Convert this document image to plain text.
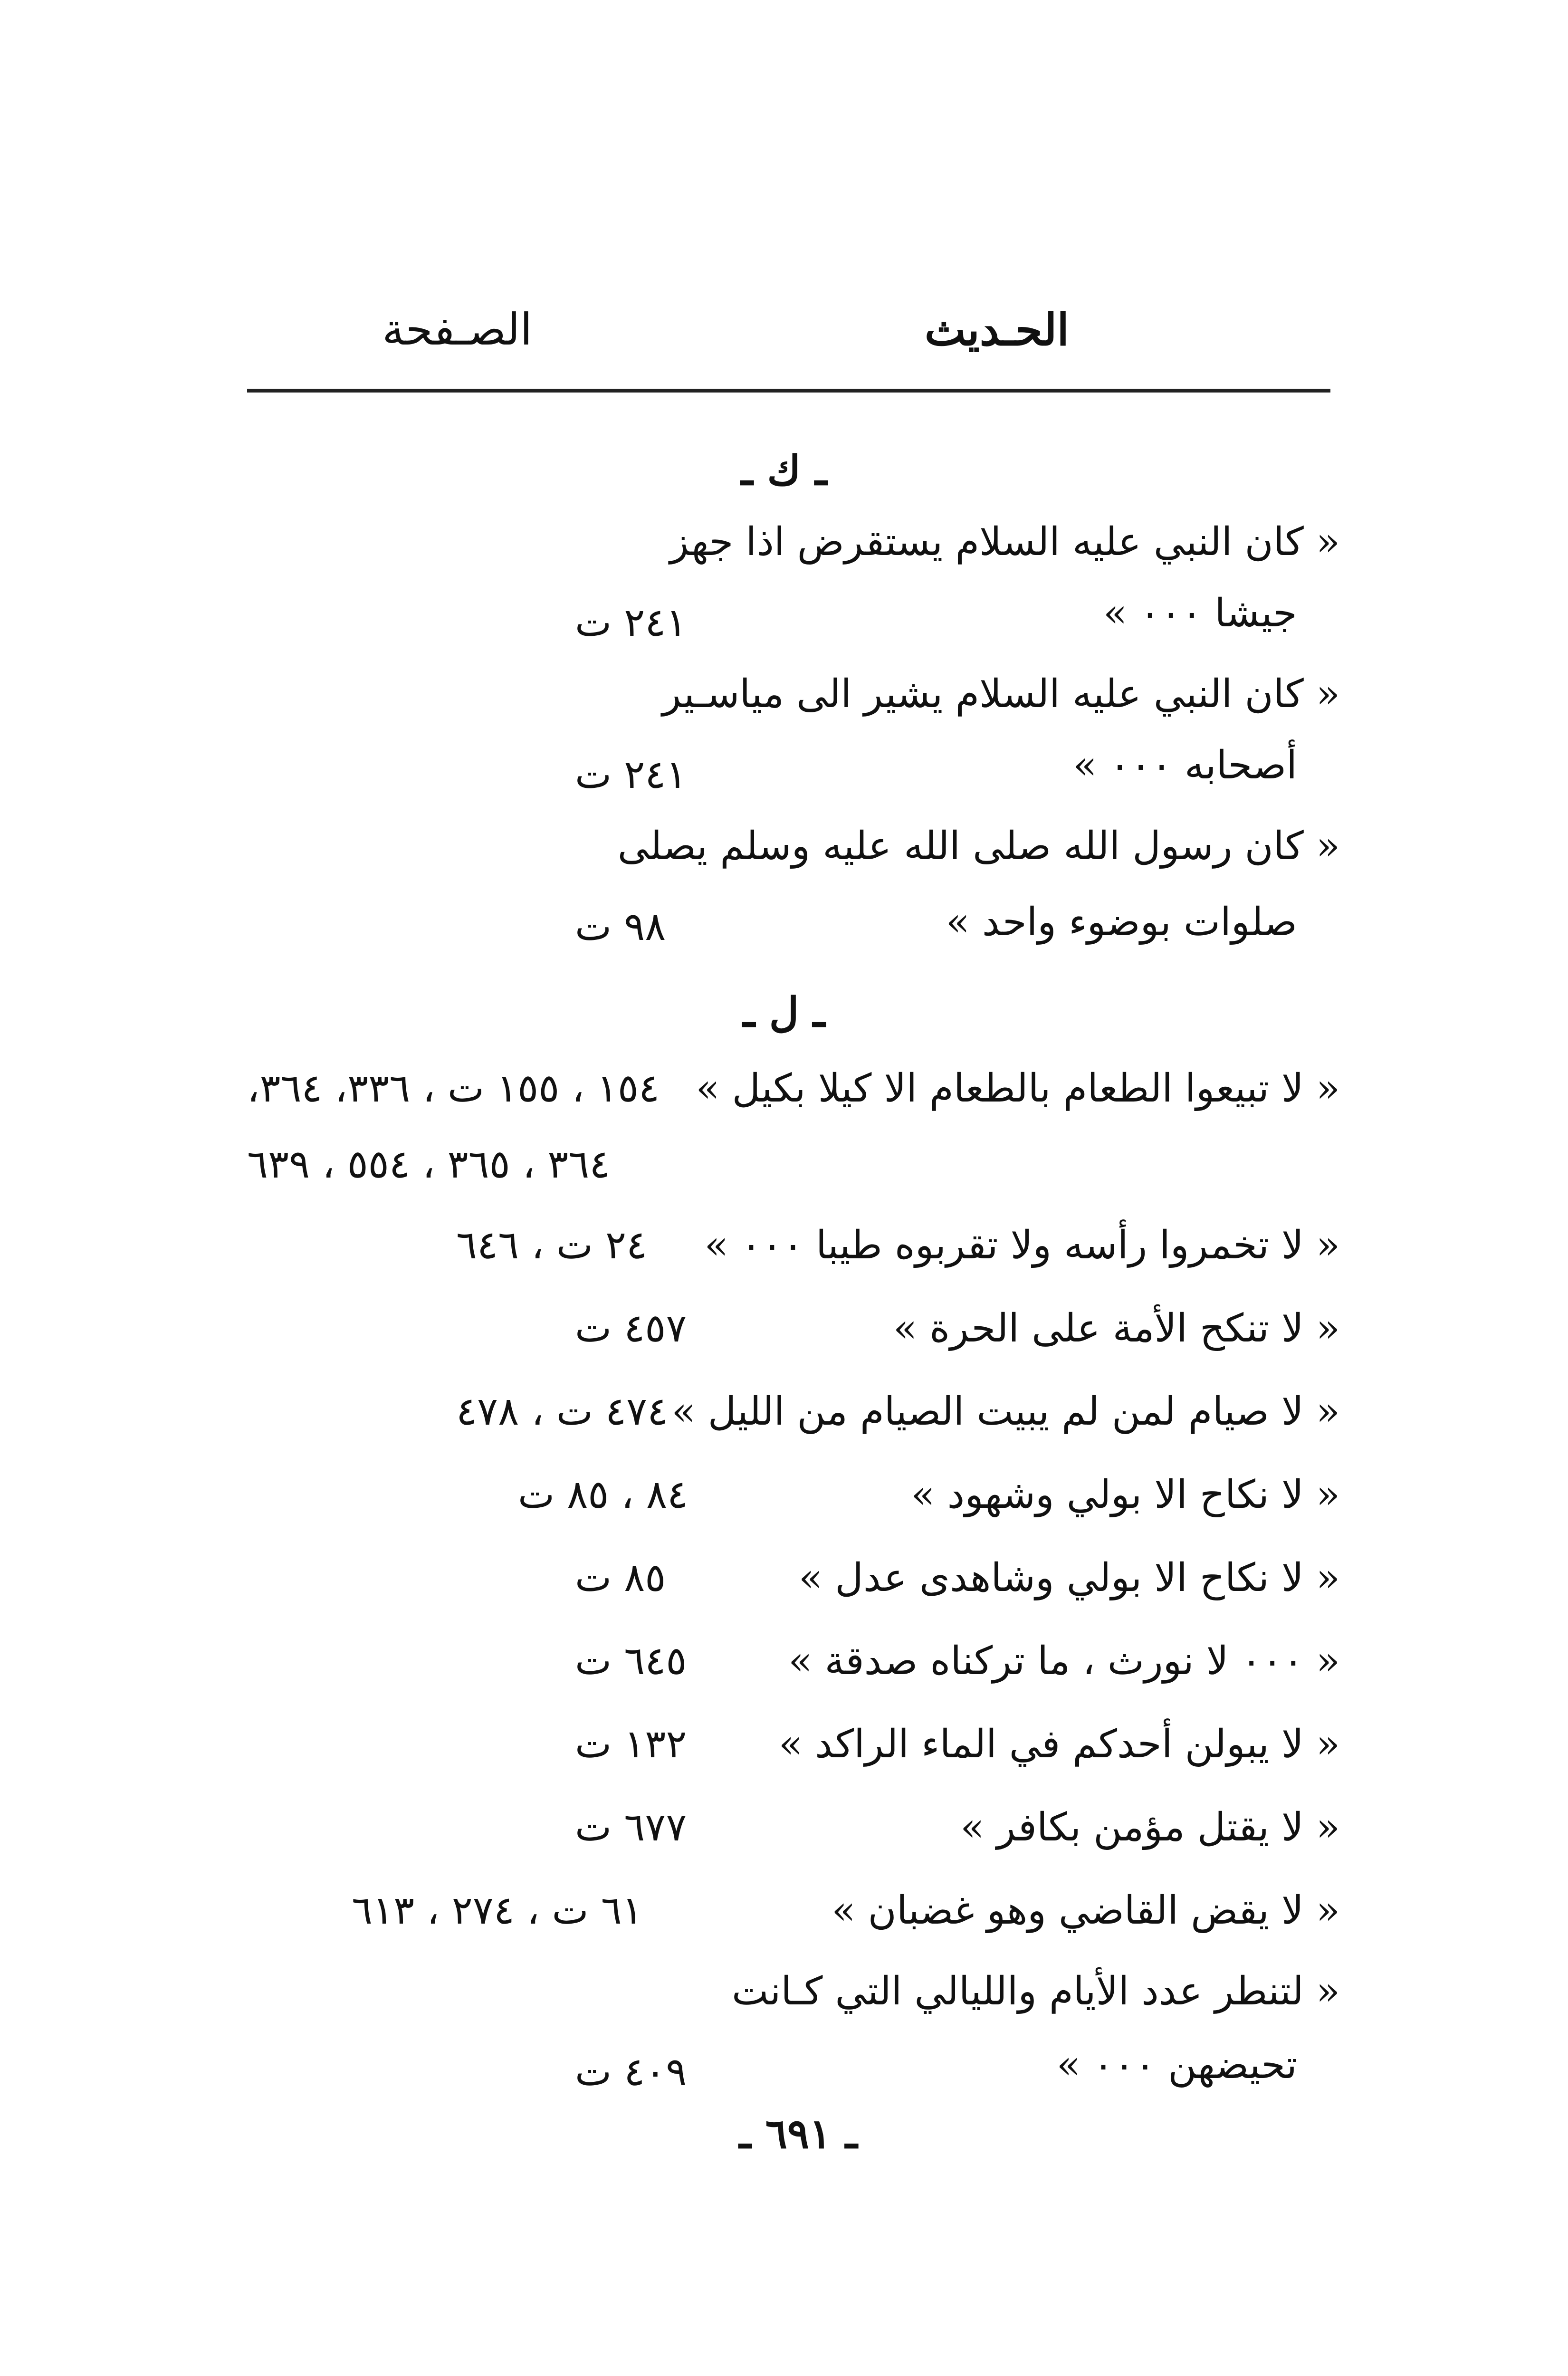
الحـديث
الصـفحة
ـ ك ـ
« كان النبي عليه السلام يستقرض اذا جهز
جيشا ٠٠٠ »
٢٤١ ت
« كان النبي عليه السلام يشير الى مياسـير
أصحابه ٠٠٠ »
٢٤١ ت
« كان رسول الله صلى الله عليه وسلم يصلى
صلوات بوضوء واحد »
٩٨ ت
ـ ل ـ
« لا تبيعوا الطعام بالطعام الا كيلا بكيل »
١٥٤ ، ١٥٥ ت ، ٣٣٦، ٣٦٤،
٣٦٤ ، ٣٦٥ ، ٥٥٤ ، ٦٣٩
« لا تخمروا رأسه ولا تقربوه طيبا ٠٠٠ »
٢٤ ت ، ٦٤٦
« لا تنكح الأمة على الحرة »
٤٥٧ ت
« لا صيام لمن لم يبيت الصيام من الليل »
٤٧٤ ت ، ٤٧٨
« لا نكاح الا بولي وشهود »
٨٤ ، ٨٥ ت
« لا نكاح الا بولي وشاهدى عدل »
٨٥ ت
« ٠٠٠ لا نورث ، ما تركناه صدقة »
٦٤٥ ت
« لا يبولن أحدكم في الماء الراكد »
١٣٢ ت
« لا يقتل مؤمن بكافر »
٦٧٧ ت
« لا يقض القاضي وهو غضبان »
٦١ ت ، ٢٧٤ ، ٦١٣
« لتنطر عدد الأيام والليالي التي كـانت
تحيضهن ٠٠٠ »
٤٠٩ ت
ـ ٦٩١ ـ
